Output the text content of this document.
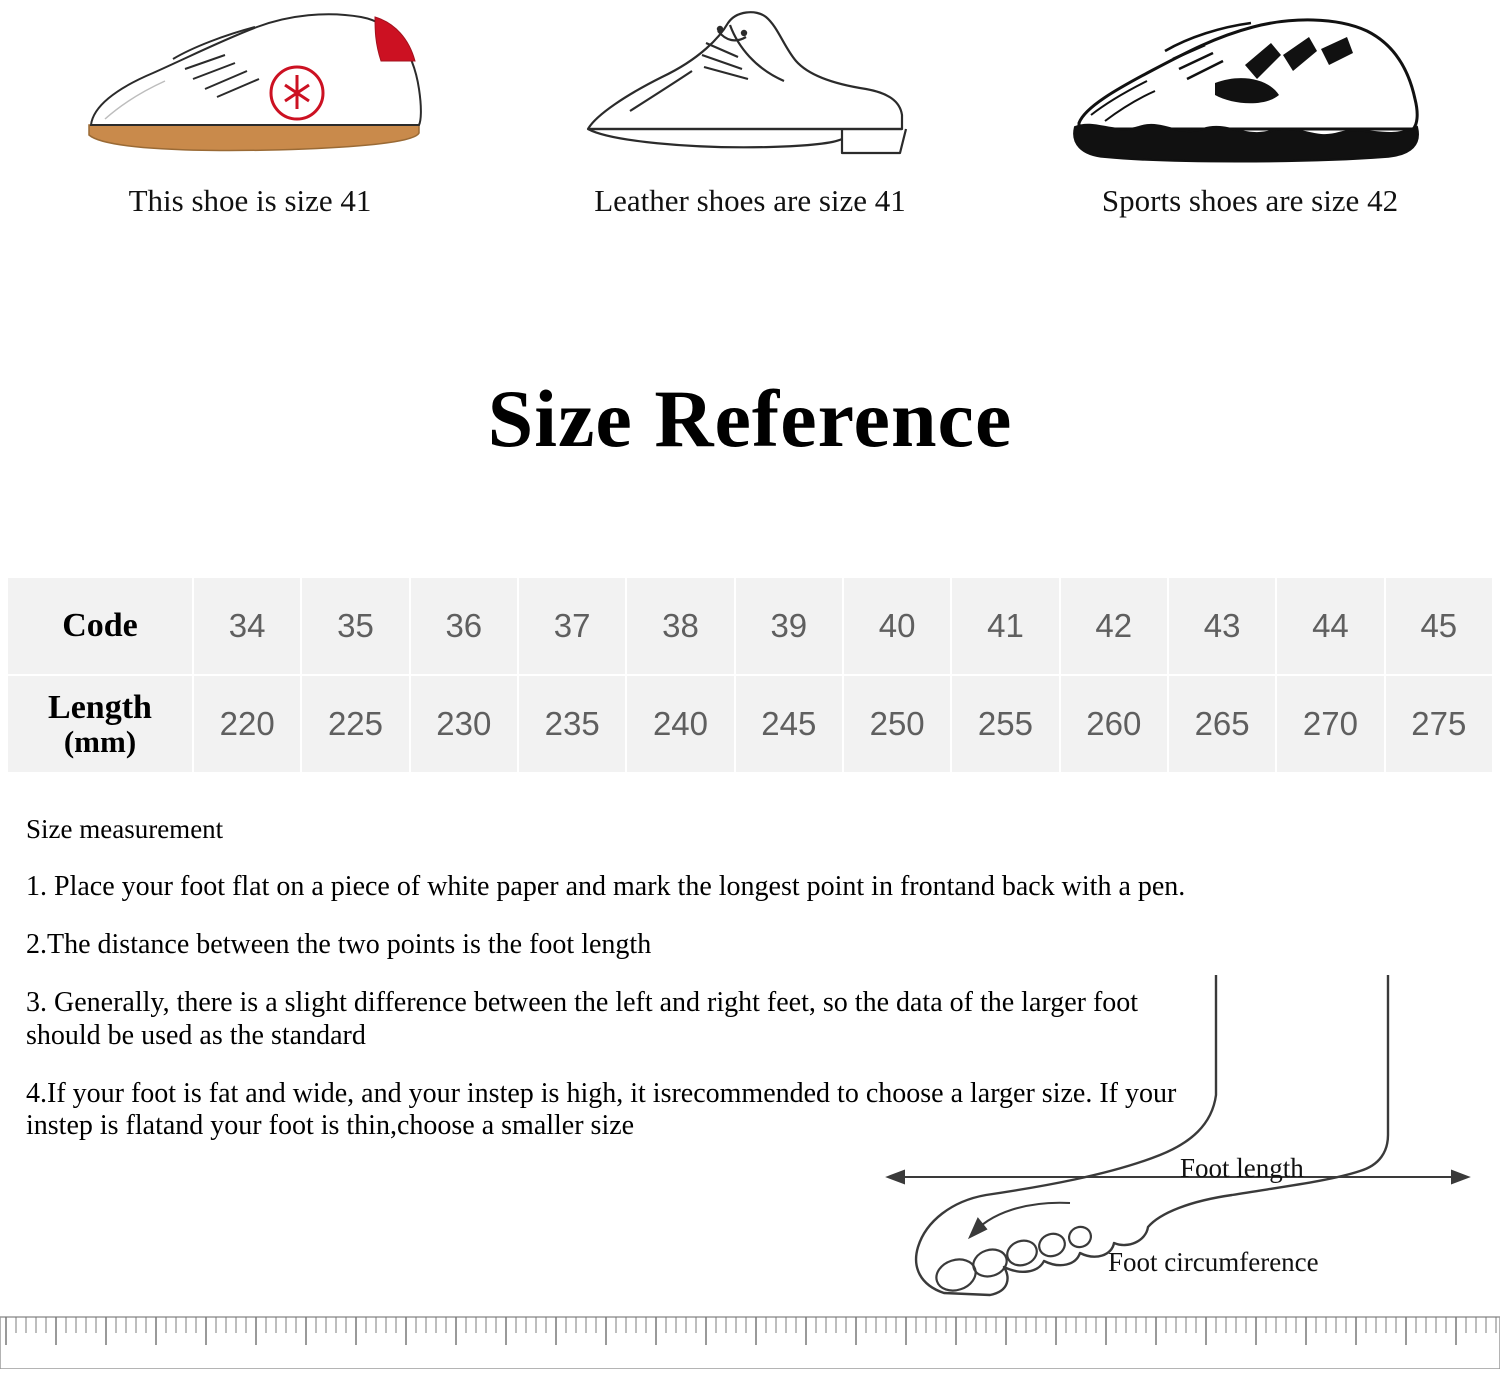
This shoe is size 41	Leather shoes are size 41	Sports shoes are size 42
Size Reference
Code	34	35	36	37	38	39	40	41	42	43	44	45
Length
(mm)	220	225	230	235	240	245	250	255	260	265	270	275
Size measurement

1. Place your foot flat on a piece of white paper and mark the longest point in frontand back with a pen.

2.The distance between the two points is the foot length

3. Generally, there is a slight difference between the left and right feet, so the data of the larger foot should be used as the standard

4.If your foot is fat and wide, and your instep is high, it isrecommended to choose a larger size. If your instep is flatand your foot is thin,choose a smaller size

Foot length
Foot circumference
